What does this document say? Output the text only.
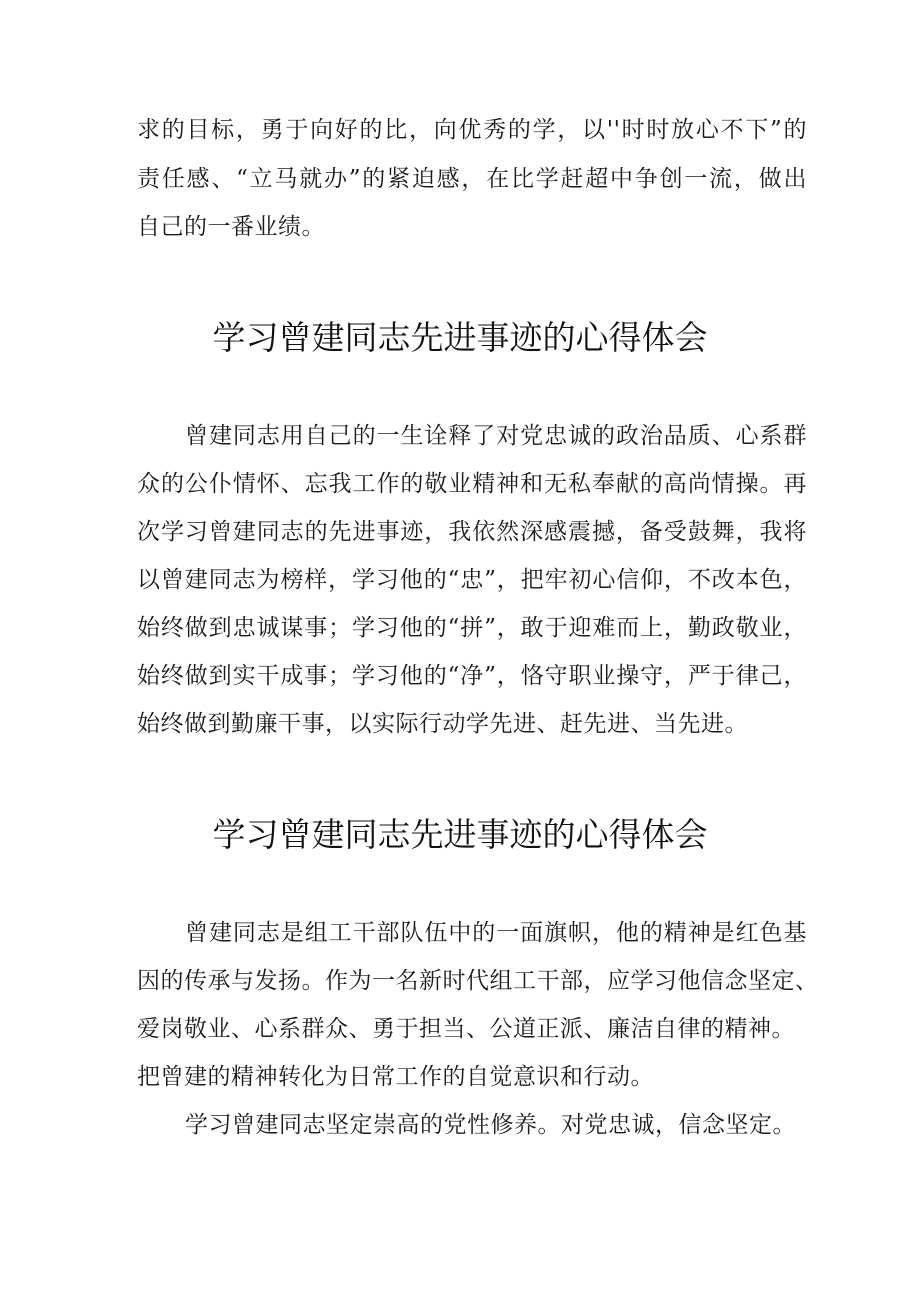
求的目标，勇于向好的比，向优秀的学，以''时时放心不下”的
责任感、“立马就办”的紧迫感，在比学赶超中争创一流，做出
自己的一番业绩。
学习曾建同志先进事迹的心得体会
曾建同志用自己的一生诠释了对党忠诚的政治品质、心系群
众的公仆情怀、忘我工作的敬业精神和无私奉献的高尚情操。再
次学习曾建同志的先进事迹，我依然深感震撼，备受鼓舞，我将
以曾建同志为榜样，学习他的“忠”，把牢初心信仰，不改本色，
始终做到忠诚谋事；学习他的“拼”，敢于迎难而上，勤政敬业，
始终做到实干成事；学习他的“净”，恪守职业操守，严于律己，
始终做到勤廉干事，以实际行动学先进、赶先进、当先进。
学习曾建同志先进事迹的心得体会
曾建同志是组工干部队伍中的一面旗帜，他的精神是红色基
因的传承与发扬。作为一名新时代组工干部，应学习他信念坚定、
爱岗敬业、心系群众、勇于担当、公道正派、廉洁自律的精神。
把曾建的精神转化为日常工作的自觉意识和行动。
学习曾建同志坚定崇高的党性修养。对党忠诚，信念坚定。
